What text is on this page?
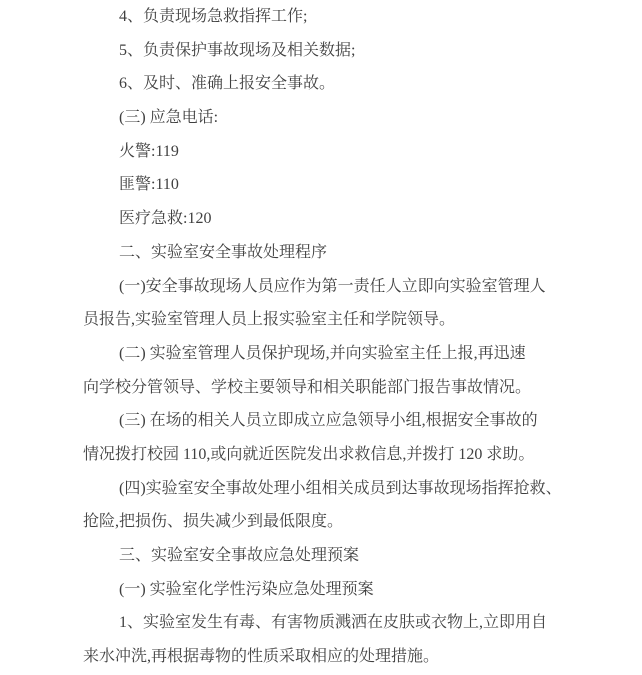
4、负责现场急救指挥工作;
5、负责保护事故现场及相关数据;
6、及时、准确上报安全事故。
(三) 应急电话:
火警:119
匪警:110
医疗急救:120
二、实验室安全事故处理程序
(一)安全事故现场人员应作为第一责任人立即向实验室管理人
员报告,实验室管理人员上报实验室主任和学院领导。
(二) 实验室管理人员保护现场,并向实验室主任上报,再迅速
向学校分管领导、学校主要领导和相关职能部门报告事故情况。
(三) 在场的相关人员立即成立应急领导小组,根据安全事故的
情况拨打校园 110,或向就近医院发出求救信息,并拨打 120 求助。
(四)实验室安全事故处理小组相关成员到达事故现场指挥抢救、
抢险,把损伤、损失减少到最低限度。
三、实验室安全事故应急处理预案
(一) 实验室化学性污染应急处理预案
1、实验室发生有毒、有害物质溅洒在皮肤或衣物上,立即用自
来水冲洗,再根据毒物的性质采取相应的处理措施。
